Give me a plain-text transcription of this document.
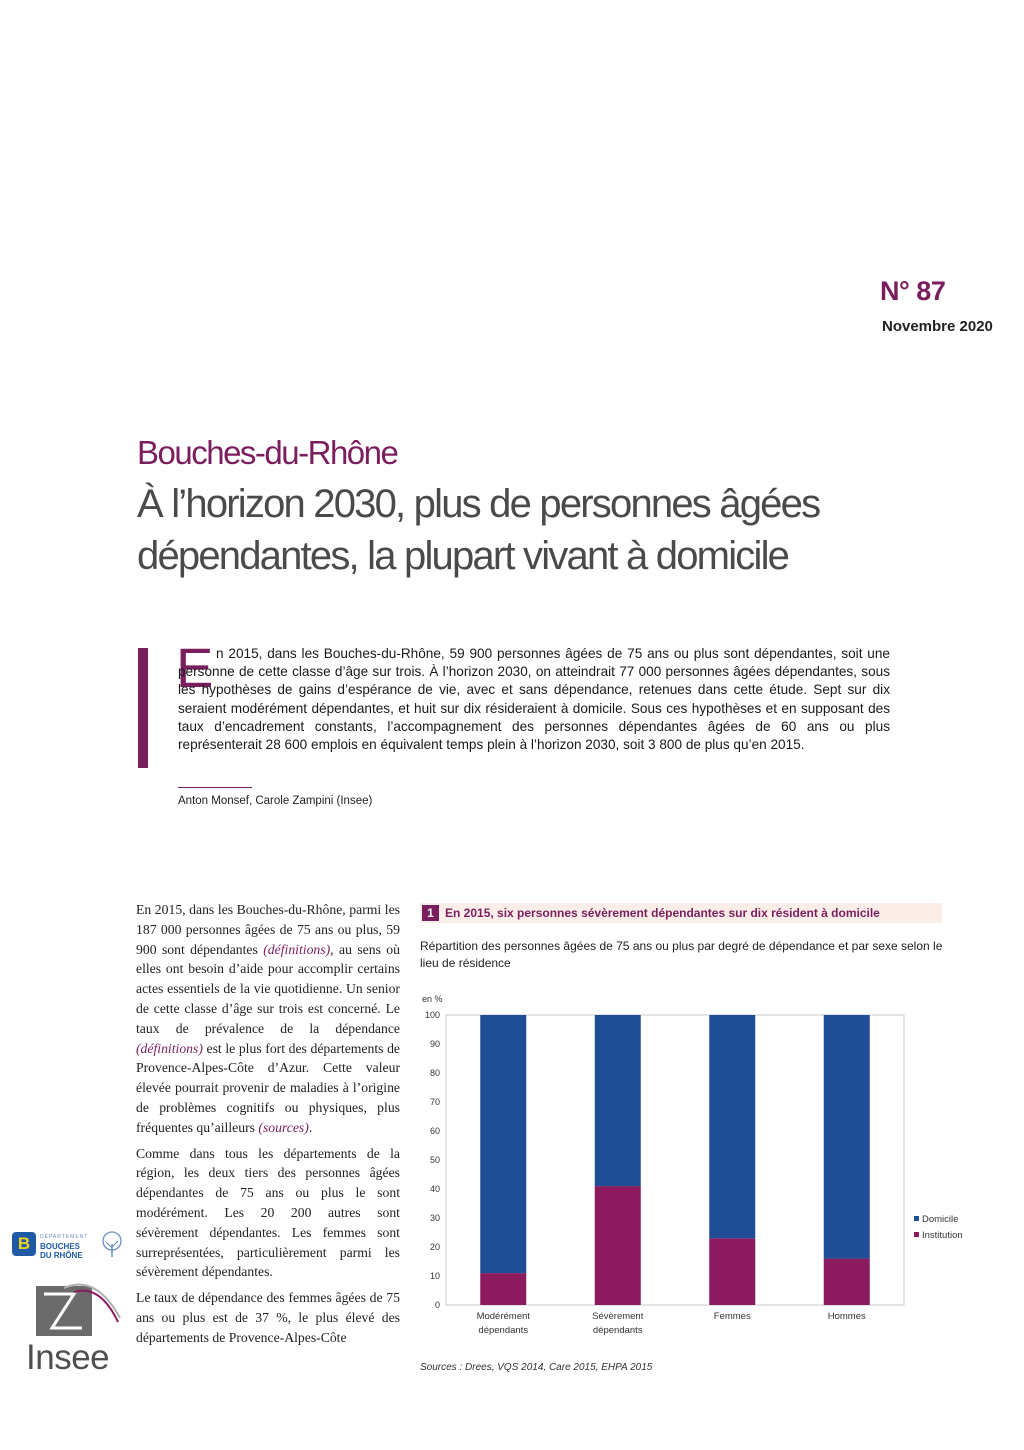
N° 87
Novembre 2020
Bouches-du-Rhône
À l’horizon 2030, plus de personnes âgées dépendantes, la plupart vivant à domicile
E n 2015, dans les Bouches-du-Rhône, 59 900 personnes âgées de 75 ans ou plus sont dépendantes, soit une personne de cette classe d’âge sur trois. À l’horizon 2030, on atteindrait 77 000 personnes âgées dépendantes, sous les hypothèses de gains d’espérance de vie, avec et sans dépendance, retenues dans cette étude. Sept sur dix seraient modérément dépendantes, et huit sur dix résideraient à domicile. Sous ces hypothèses et en supposant des taux d’encadrement constants, l’accompagnement des personnes dépendantes âgées de 60 ans ou plus représenterait 28 600 emplois en équivalent temps plein à l’horizon 2030, soit 3 800 de plus qu’en 2015.

Anton Monsef, Carole Zampini (Insee)

En 2015, dans les Bouches-du-Rhône, parmi les 187 000 personnes âgées de 75 ans ou plus, 59 900 sont dépendantes (définitions), au sens où elles ont besoin d’aide pour accomplir certains actes essentiels de la vie quotidienne. Un senior de cette classe d’âge sur trois est concerné. Le taux de prévalence de la dépendance (définitions) est le plus fort des départements de Provence-Alpes-Côte d’Azur. Cette valeur élevée pourrait provenir de maladies à l’origine de problèmes cognitifs ou physiques, plus fréquentes qu’ailleurs (sources).

Comme dans tous les départements de la région, les deux tiers des personnes âgées dépendantes de 75 ans ou plus le sont modérément. Les 20 200 autres sont sévèrement dépendantes. Les femmes sont surreprésentées, particulièrement parmi les sévèrement dépendantes.

Le taux de dépendance des femmes âgées de 75 ans ou plus est de 37 %, le plus élevé des départements de Provence-Alpes-Côte

1 En 2015, six personnes sévèrement dépendantes sur dix résident à domicile
Répartition des personnes âgées de 75 ans ou plus par degré de dépendance et par sexe selon le lieu de résidence
en %
0
10
20
30
40
50
60
70
80
90
100
Modérément
dépendants
Sévèrement
dépendants
Femmes	Hommes
Domicile
Institution
Sources : Drees, VQS 2014, Care 2015, EHPA 2015
B	DÉPARTEMENT
BOUCHES
DU RHÔNE
Insee
